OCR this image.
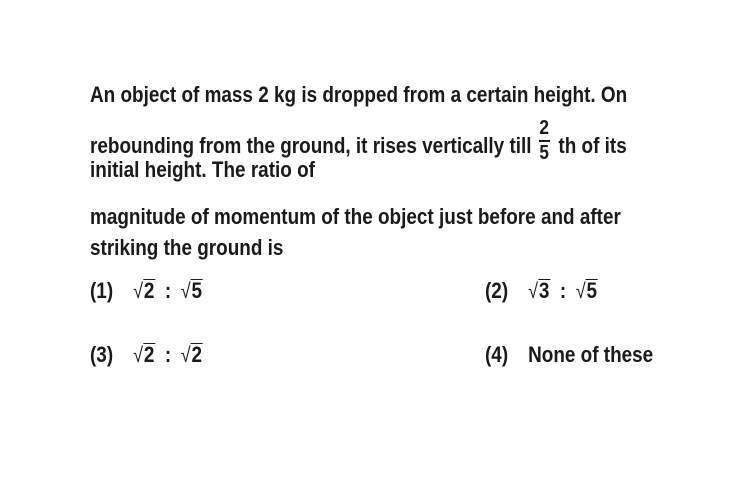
An object of mass 2 kg is dropped from a certain height. On
rebounding from the ground, it rises vertically till $\frac{2}{5}$ th of its
initial height. The ratio of
magnitude of momentum of the object just before and after
striking the ground is
(1) √2 : √5	(2) √3 : √5
(3) √2 : √2	(4) None of these
